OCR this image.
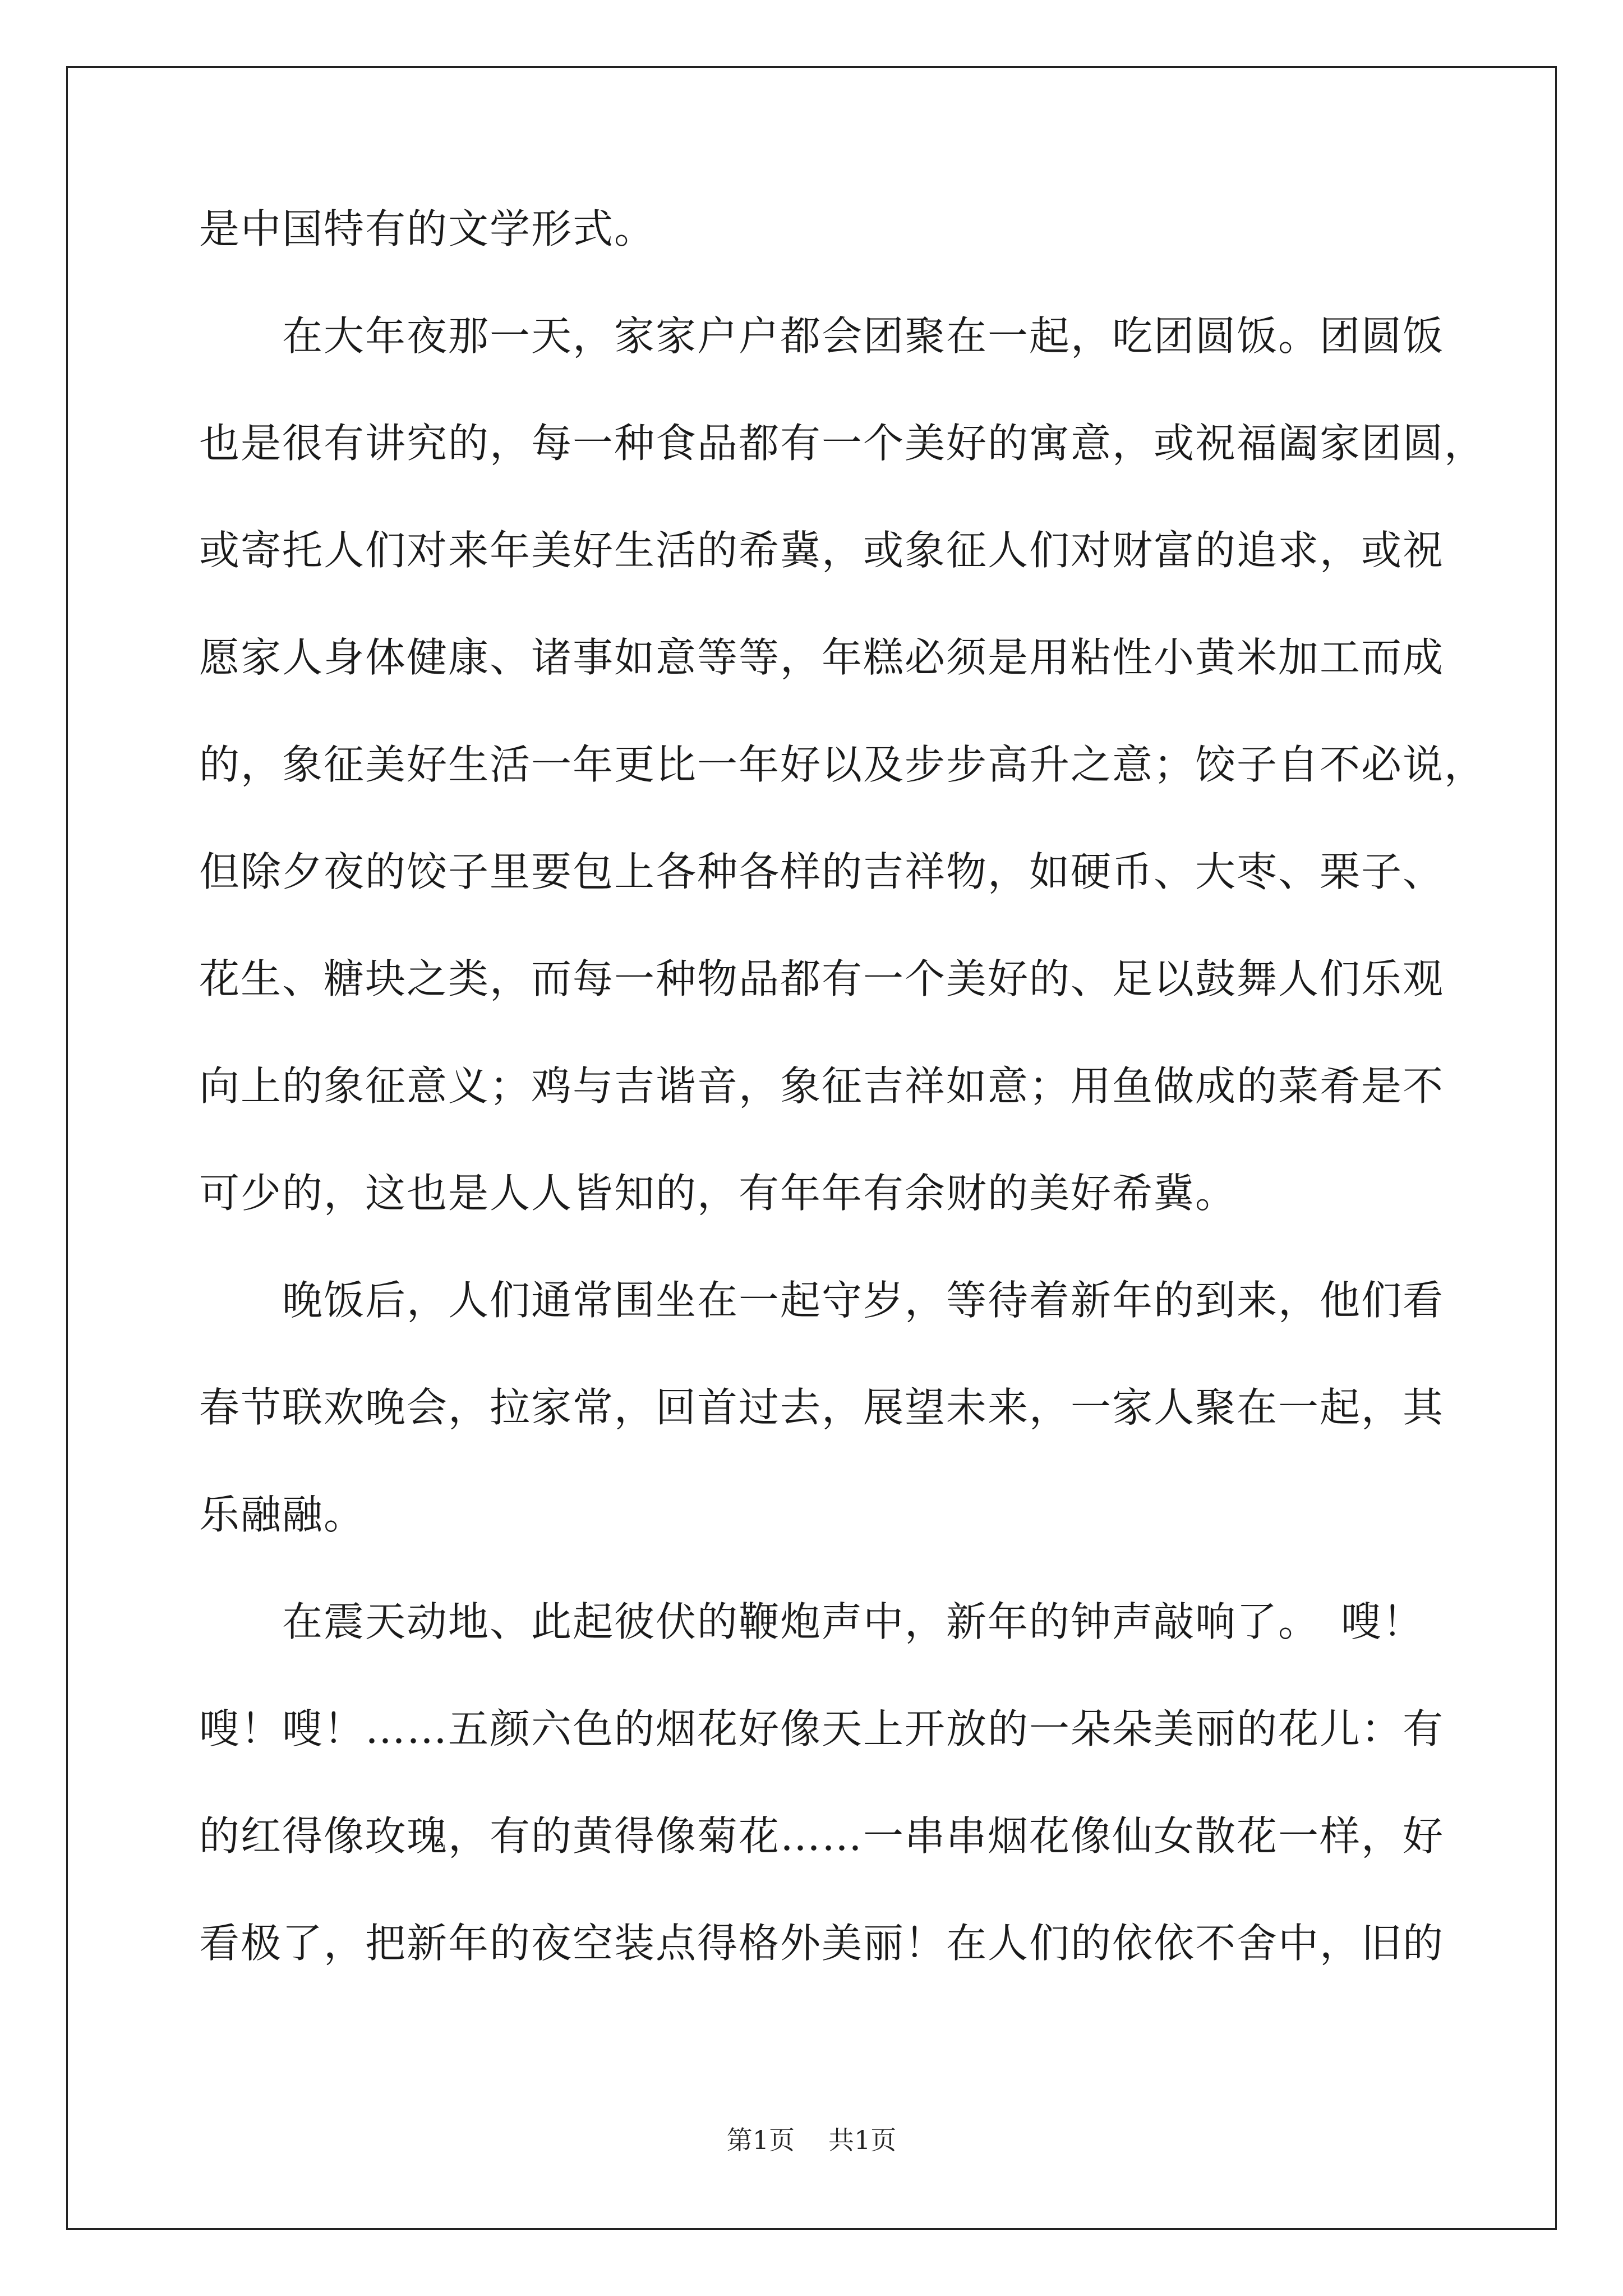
是中国特有的文学形式。
　　在大年夜那一天，家家户户都会团聚在一起，吃团圆饭。团圆饭
也是很有讲究的，每一种食品都有一个美好的寓意，或祝福阖家团圆，
或寄托人们对来年美好生活的希冀，或象征人们对财富的追求，或祝
愿家人身体健康、诸事如意等等，年糕必须是用粘性小黄米加工而成
的，象征美好生活一年更比一年好以及步步高升之意；饺子自不必说，
但除夕夜的饺子里要包上各种各样的吉祥物，如硬币、大枣、栗子、
花生、糖块之类，而每一种物品都有一个美好的、足以鼓舞人们乐观
向上的象征意义；鸡与吉谐音，象征吉祥如意；用鱼做成的菜肴是不
可少的，这也是人人皆知的，有年年有余财的美好希冀。
　　晚饭后，人们通常围坐在一起守岁，等待着新年的到来，他们看
春节联欢晚会，拉家常，回首过去，展望未来，一家人聚在一起，其
乐融融。
　　在震天动地、此起彼伏的鞭炮声中，新年的钟声敲响了。　嗖！
嗖！嗖！……五颜六色的烟花好像天上开放的一朵朵美丽的花儿：有
的红得像玫瑰，有的黄得像菊花……一串串烟花像仙女散花一样，好
看极了，把新年的夜空装点得格外美丽！在人们的依依不舍中，旧的
第1页 共1页
